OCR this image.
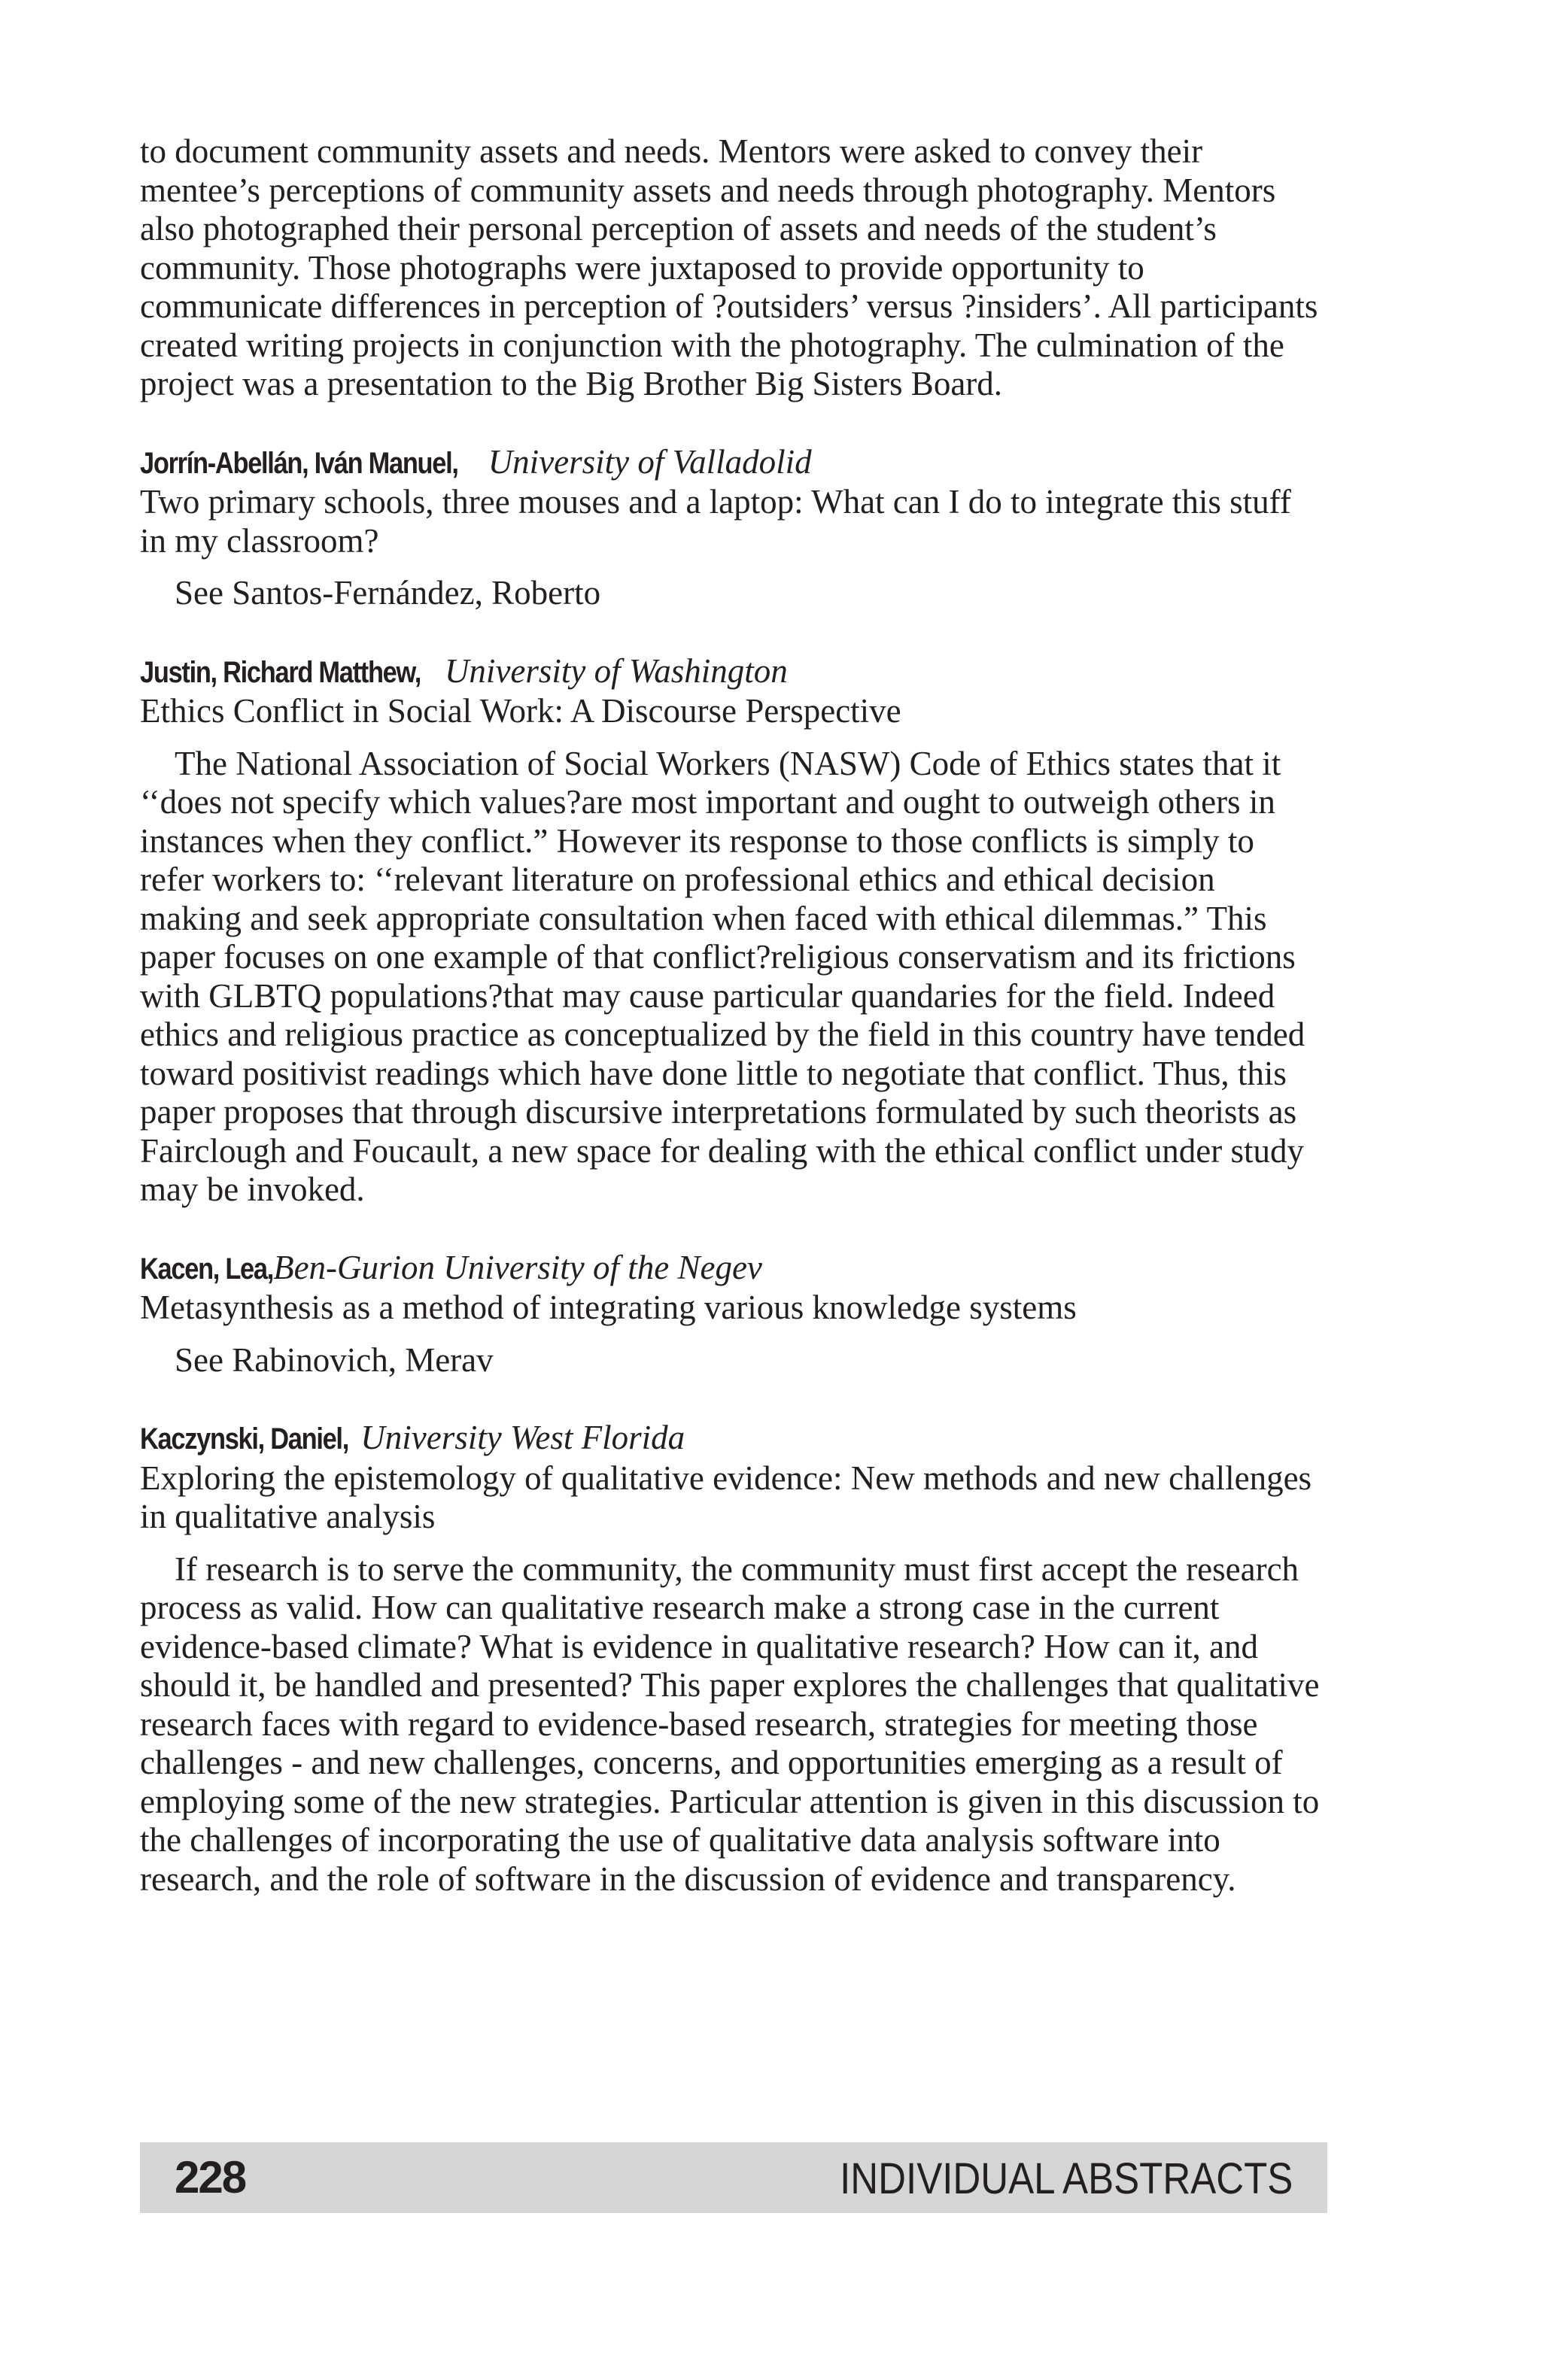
to document community assets and needs. Mentors were asked to convey their mentee’s perceptions of community assets and needs through photography. Mentors also photographed their personal perception of assets and needs of the student’s community. Those photographs were juxtaposed to provide opportunity to communicate differences in perception of ?outsiders’ versus ?insiders’. All participants created writing projects in conjunction with the photography. The culmination of the project was a presentation to the Big Brother Big Sisters Board.

Jorrín-Abellán, Iván Manuel, University of Valladolid

Two primary schools, three mouses and a laptop: What can I do to integrate this stuff in my classroom?

See Santos-Fernández, Roberto

Justin, Richard Matthew, University of Washington

Ethics Conflict in Social Work: A Discourse Perspective

The National Association of Social Workers (NASW) Code of Ethics states that it ‘‘does not specify which values?are most important and ought to outweigh others in instances when they conflict.” However its response to those conflicts is simply to refer workers to: ‘‘relevant literature on professional ethics and ethical decision making and seek appropriate consultation when faced with ethical dilemmas.” This paper focuses on one example of that conflict?religious conservatism and its frictions with GLBTQ populations?that may cause particular quandaries for the field. Indeed ethics and religious practice as conceptualized by the field in this country have tended toward positivist readings which have done little to negotiate that conflict. Thus, this paper proposes that through discursive interpretations formulated by such theorists as Fairclough and Foucault, a new space for dealing with the ethical conflict under study may be invoked.

Kacen, Lea, Ben-Gurion University of the Negev

Metasynthesis as a method of integrating various knowledge systems

See Rabinovich, Merav

Kaczynski, Daniel, University West Florida

Exploring the epistemology of qualitative evidence: New methods and new challenges in qualitative analysis

If research is to serve the community, the community must first accept the research process as valid. How can qualitative research make a strong case in the current evidence-based climate? What is evidence in qualitative research? How can it, and should it, be handled and presented? This paper explores the challenges that qualitative research faces with regard to evidence-based research, strategies for meeting those challenges - and new challenges, concerns, and opportunities emerging as a result of employing some of the new strategies. Particular attention is given in this discussion to the challenges of incorporating the use of qualitative data analysis software into research, and the role of software in the discussion of evidence and transparency.

228	INDIVIDUAL ABSTRACTS
